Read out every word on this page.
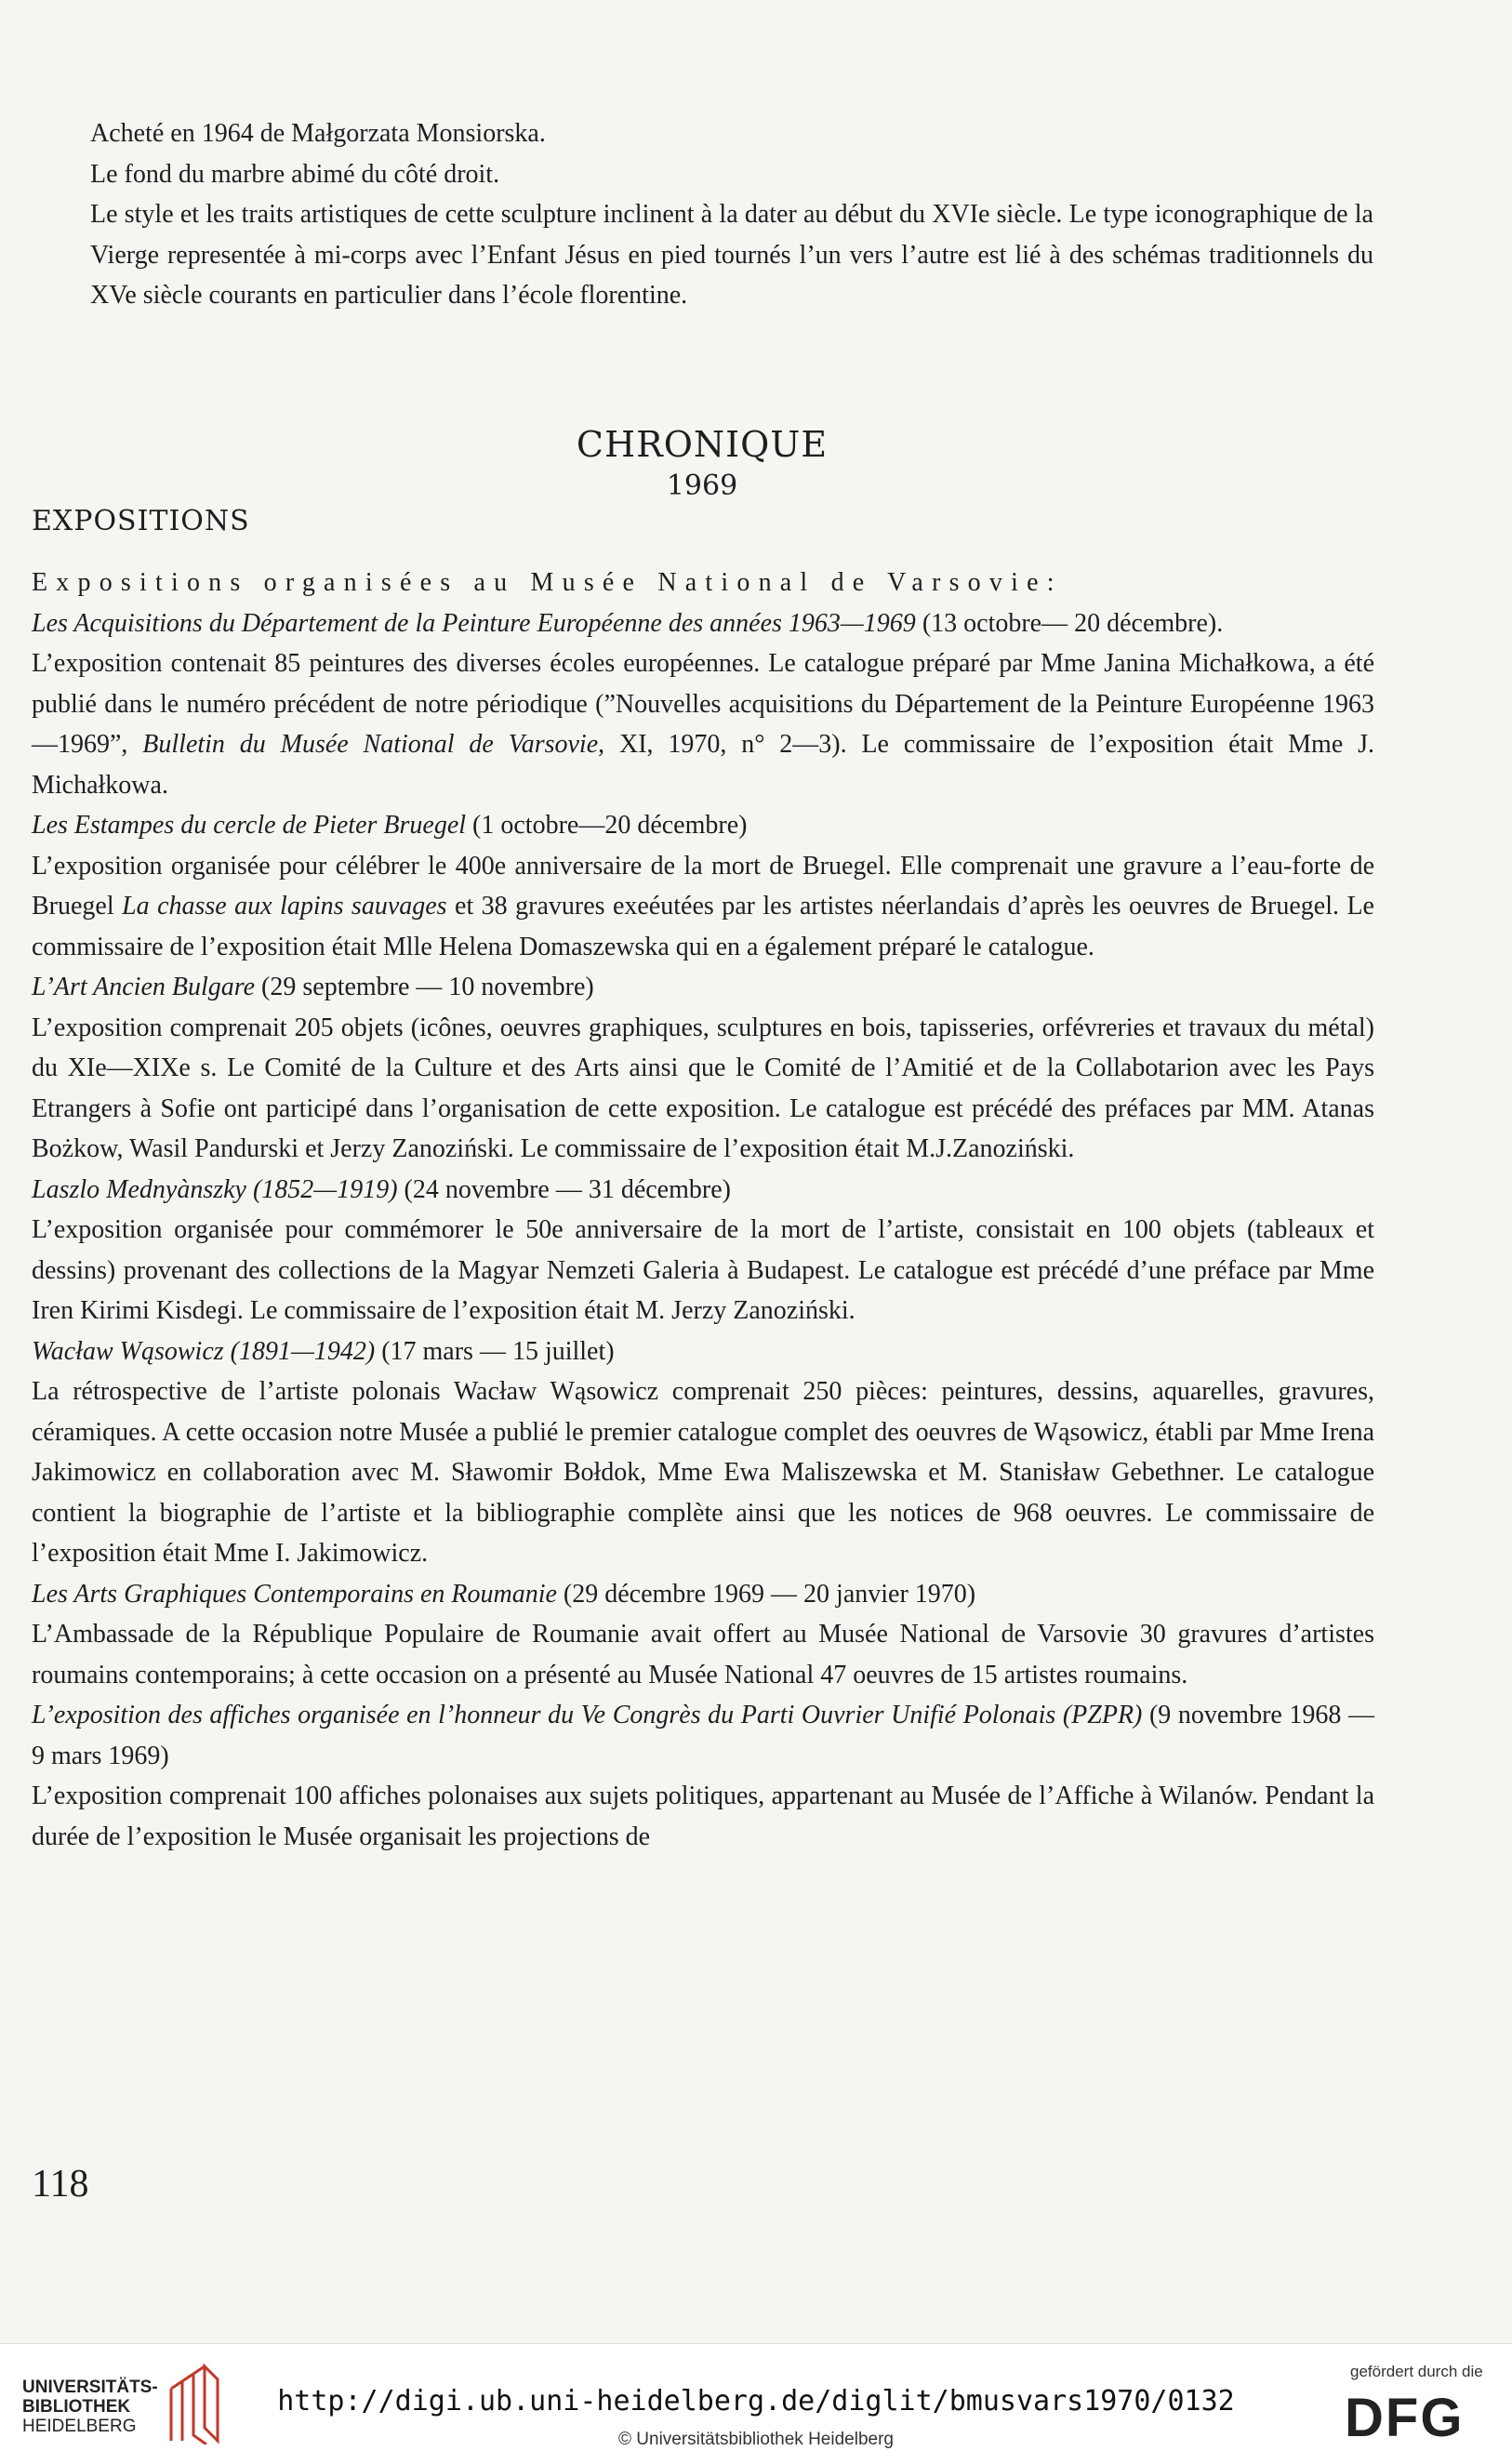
Acheté en 1964 de Małgorzata Monsiorska.

Le fond du marbre abimé du côté droit.

Le style et les traits artistiques de cette sculpture inclinent à la dater au début du XVIe siècle. Le type iconographique de la Vierge representée à mi-corps avec l’Enfant Jésus en pied tournés l’un vers l’autre est lié à des schémas traditionnels du XVe siècle courants en particulier dans l’école florentine.

CHRONIQUE
1969
EXPOSITIONS

Expositions organisées au Musée National de Varsovie:

Les Acquisitions du Département de la Peinture Européenne des années 1963—1969 (13 octobre— 20 décembre).

L’exposition contenait 85 peintures des diverses écoles européennes. Le catalogue préparé par Mme Janina Michałkowa, a été publié dans le numéro précédent de notre périodique (”Nouvelles acquisitions du Département de la Peinture Européenne 1963—1969”, Bulletin du Musée National de Varsovie, XI, 1970, n° 2—3). Le commissaire de l’exposition était Mme J. Michałkowa.

Les Estampes du cercle de Pieter Bruegel (1 octobre—20 décembre)

L’exposition organisée pour célébrer le 400e anniversaire de la mort de Bruegel. Elle comprenait une gravure a l’eau-forte de Bruegel La chasse aux lapins sauvages et 38 gravures exeéutées par les artistes néerlandais d’après les oeuvres de Bruegel. Le commissaire de l’exposition était Mlle Helena Domaszewska qui en a également préparé le catalogue.

L’Art Ancien Bulgare (29 septembre — 10 novembre)

L’exposition comprenait 205 objets (icônes, oeuvres graphiques, sculptures en bois, tapisseries, orfévreries et travaux du métal) du XIe—XIXe s. Le Comité de la Culture et des Arts ainsi que le Comité de l’Amitié et de la Collabotarion avec les Pays Etrangers à Sofie ont participé dans l’organisation de cette exposition. Le catalogue est précédé des préfaces par MM. Atanas Bożkow, Wasil Pandurski et Jerzy Zanoziński. Le commissaire de l’exposition était M.J.Zanoziński.

Laszlo Mednyànszky (1852—1919) (24 novembre — 31 décembre)

L’exposition organisée pour commémorer le 50e anniversaire de la mort de l’artiste, consistait en 100 objets (tableaux et dessins) provenant des collections de la Magyar Nemzeti Galeria à Budapest. Le catalogue est précédé d’une préface par Mme Iren Kirimi Kisdegi. Le commissaire de l’exposition était M. Jerzy Zanoziński.

Wacław Wąsowicz (1891—1942) (17 mars — 15 juillet)

La rétrospective de l’artiste polonais Wacław Wąsowicz comprenait 250 pièces: peintures, dessins, aquarelles, gravures, céramiques. A cette occasion notre Musée a publié le premier catalogue complet des oeuvres de Wąsowicz, établi par Mme Irena Jakimowicz en collaboration avec M. Sławomir Bołdok, Mme Ewa Maliszewska et M. Stanisław Gebethner. Le catalogue contient la biographie de l’artiste et la bibliographie complète ainsi que les notices de 968 oeuvres. Le commissaire de l’exposition était Mme I. Jakimowicz.

Les Arts Graphiques Contemporains en Roumanie (29 décembre 1969 — 20 janvier 1970)

L’Ambassade de la République Populaire de Roumanie avait offert au Musée National de Varsovie 30 gravures d’artistes roumains contemporains; à cette occasion on a présenté au Musée National 47 oeuvres de 15 artistes roumains.

L’exposition des affiches organisée en l’honneur du Ve Congrès du Parti Ouvrier Unifié Polonais (PZPR) (9 novembre 1968 — 9 mars 1969)

L’exposition comprenait 100 affiches polonaises aux sujets politiques, appartenant au Musée de l’Affiche à Wilanów. Pendant la durée de l’exposition le Musée organisait les projections de

118
UNIVERSITÄTS-
BIBLIOTHEK
HEIDELBERG
http://digi.ub.uni-heidelberg.de/diglit/bmusvars1970/0132
© Universitätsbibliothek Heidelberg
gefördert durch die
DFG
